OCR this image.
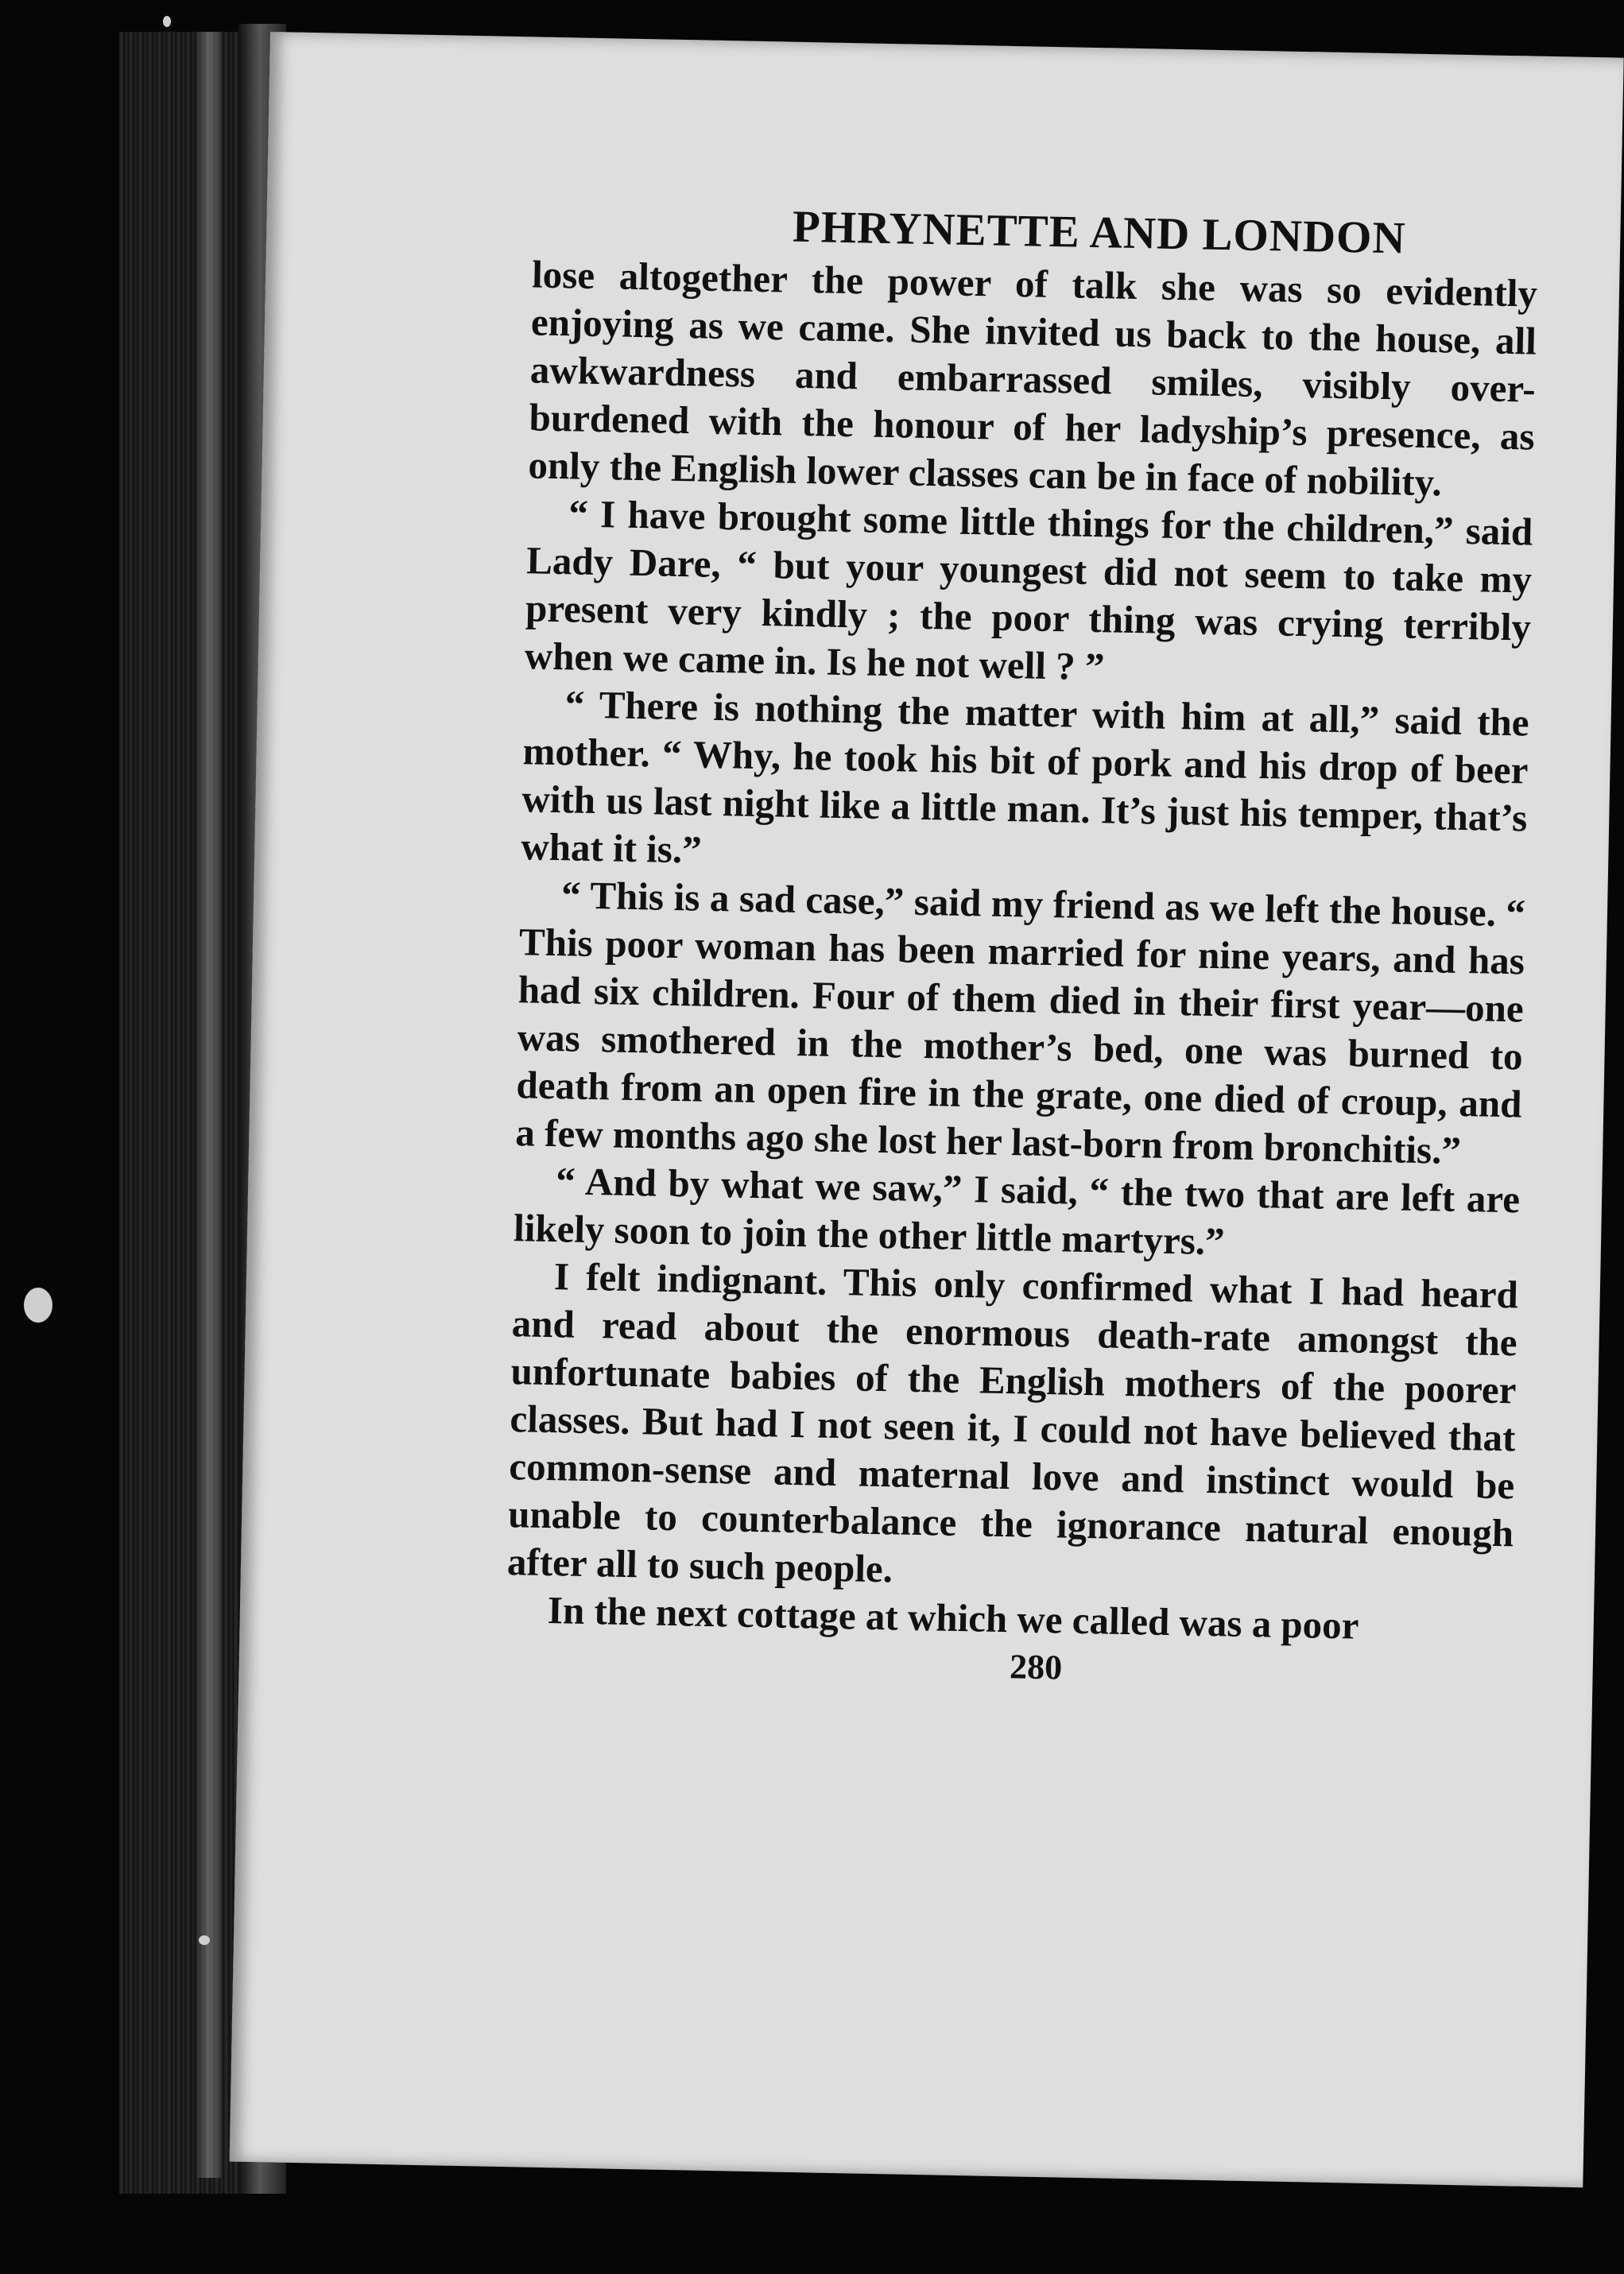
PHRYNETTE AND LONDON

lose altogether the power of talk she was so evidently enjoying as we came. She invited us back to the house, all awkwardness and embarrassed smiles, visibly over-burdened with the honour of her ladyship’s presence, as only the English lower classes can be in face of nobility.

“ I have brought some little things for the children,” said Lady Dare, “ but your youngest did not seem to take my present very kindly ; the poor thing was crying terribly when we came in. Is he not well ? ”

“ There is nothing the matter with him at all,” said the mother. “ Why, he took his bit of pork and his drop of beer with us last night like a little man. It’s just his temper, that’s what it is.”

“ This is a sad case,” said my friend as we left the house. “ This poor woman has been married for nine years, and has had six children. Four of them died in their first year—one was smothered in the mother’s bed, one was burned to death from an open fire in the grate, one died of croup, and a few months ago she lost her last-born from bronchitis.”

“ And by what we saw,” I said, “ the two that are left are likely soon to join the other little martyrs.”

I felt indignant. This only confirmed what I had heard and read about the enormous death-rate amongst the unfortunate babies of the English mothers of the poorer classes. But had I not seen it, I could not have believed that common-sense and maternal love and instinct would be unable to counterbalance the ignorance natural enough after all to such people.

In the next cottage at which we called was a poor

280
